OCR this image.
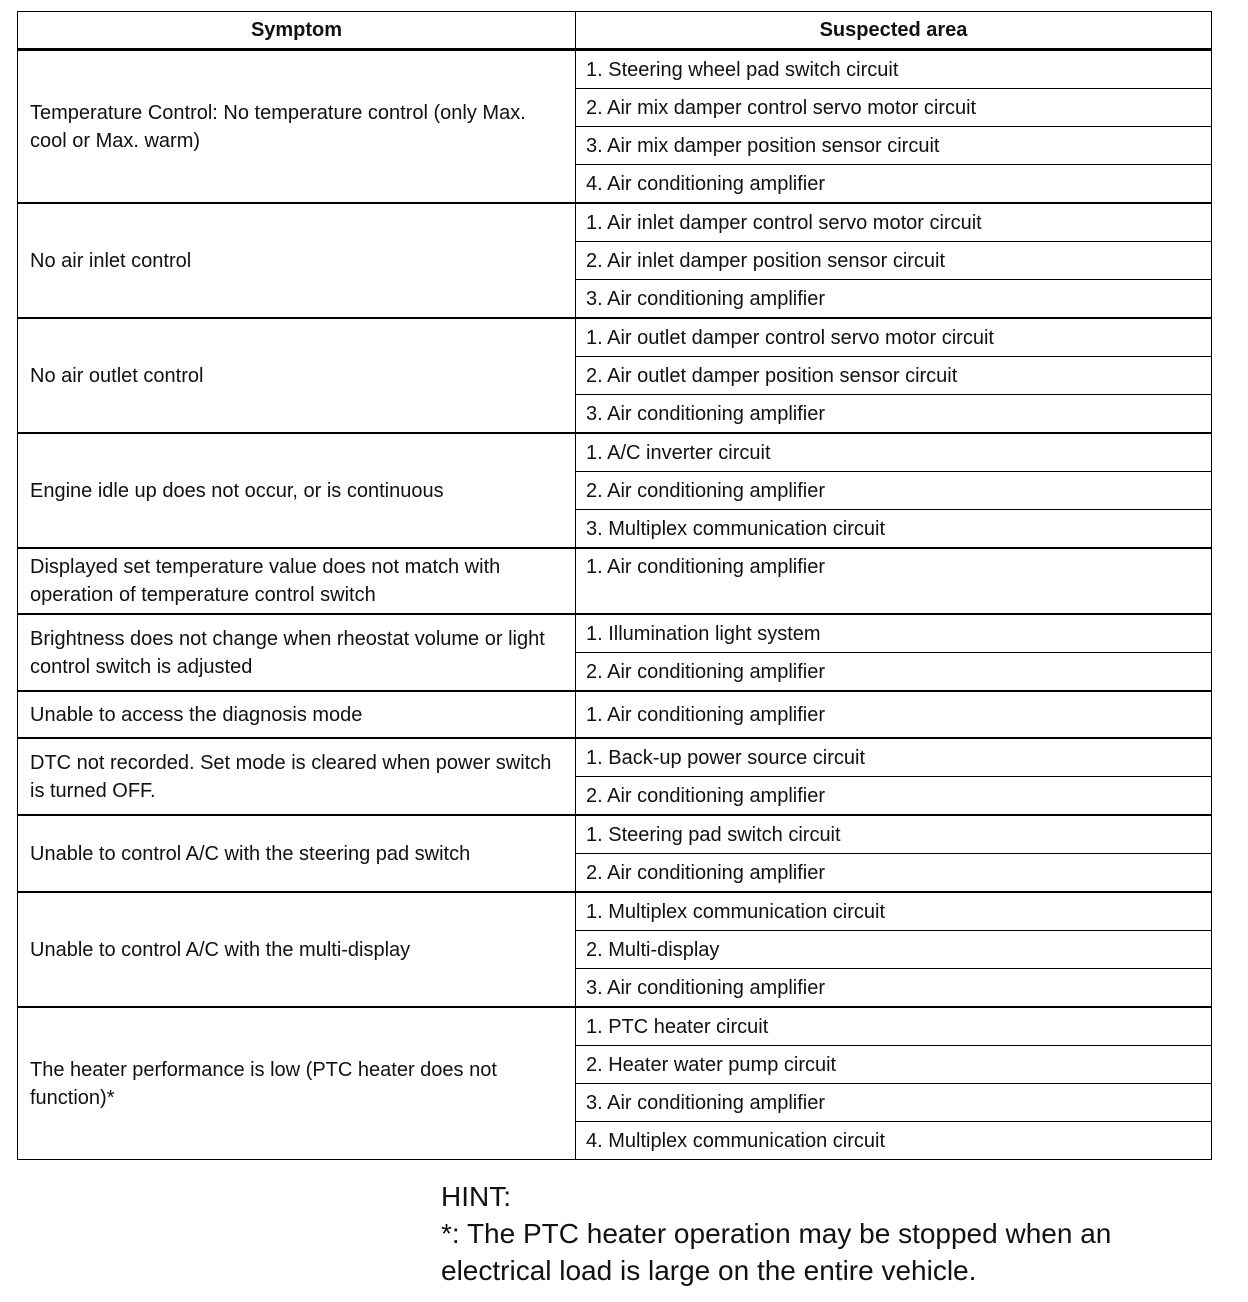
Symptom	Suspected area
Temperature Control: No temperature control (only Max. cool or Max. warm)	1. Steering wheel pad switch circuit
	2. Air mix damper control servo motor circuit
	3. Air mix damper position sensor circuit
	4. Air conditioning amplifier
No air inlet control	1. Air inlet damper control servo motor circuit
	2. Air inlet damper position sensor circuit
	3. Air conditioning amplifier
No air outlet control	1. Air outlet damper control servo motor circuit
	2. Air outlet damper position sensor circuit
	3. Air conditioning amplifier
Engine idle up does not occur, or is continuous	1. A/C inverter circuit
	2. Air conditioning amplifier
	3. Multiplex communication circuit
Displayed set temperature value does not match with operation of temperature control switch	1. Air conditioning amplifier
Brightness does not change when rheostat volume or light control switch is adjusted	1. Illumination light system
	2. Air conditioning amplifier
Unable to access the diagnosis mode	1. Air conditioning amplifier
DTC not recorded. Set mode is cleared when power switch is turned OFF.	1. Back-up power source circuit
	2. Air conditioning amplifier
Unable to control A/C with the steering pad switch	1. Steering pad switch circuit
	2. Air conditioning amplifier
Unable to control A/C with the multi-display	1. Multiplex communication circuit
	2. Multi-display
	3. Air conditioning amplifier
The heater performance is low (PTC heater does not function)*	1. PTC heater circuit
	2. Heater water pump circuit
	3. Air conditioning amplifier
	4. Multiplex communication circuit
HINT:
*: The PTC heater operation may be stopped when an
electrical load is large on the entire vehicle.
